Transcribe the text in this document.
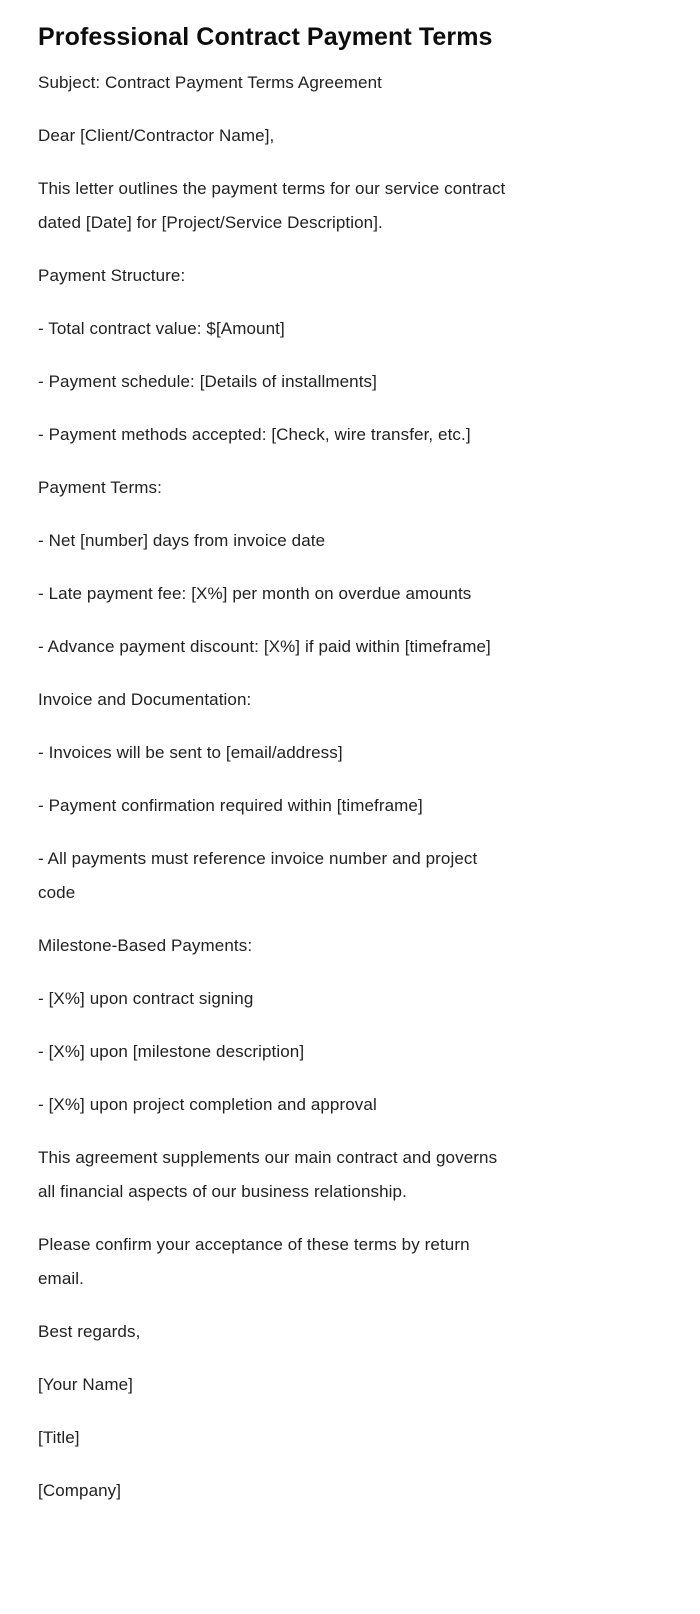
Professional Contract Payment Terms

Subject: Contract Payment Terms Agreement

Dear [Client/Contractor Name],

This letter outlines the payment terms for our service contract
dated [Date] for [Project/Service Description].

Payment Structure:

- Total contract value: $[Amount]

- Payment schedule: [Details of installments]

- Payment methods accepted: [Check, wire transfer, etc.]

Payment Terms:

- Net [number] days from invoice date

- Late payment fee: [X%] per month on overdue amounts

- Advance payment discount: [X%] if paid within [timeframe]

Invoice and Documentation:

- Invoices will be sent to [email/address]

- Payment confirmation required within [timeframe]

- All payments must reference invoice number and project
code

Milestone-Based Payments:

- [X%] upon contract signing

- [X%] upon [milestone description]

- [X%] upon project completion and approval

This agreement supplements our main contract and governs
all financial aspects of our business relationship.

Please confirm your acceptance of these terms by return
email.

Best regards,

[Your Name]

[Title]

[Company]
